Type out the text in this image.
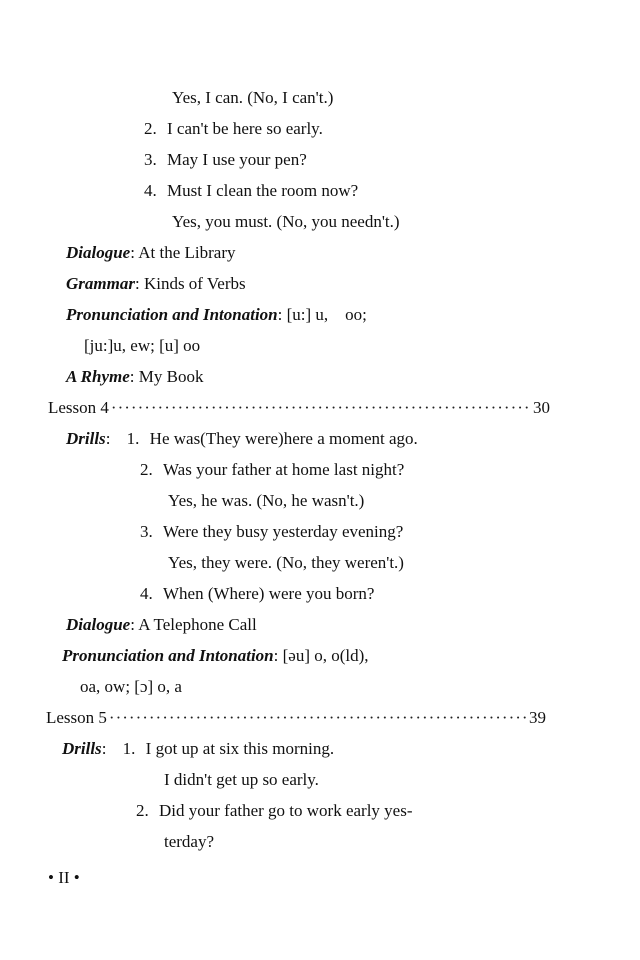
Yes, I can. (No, I can't.)
2. I can't be here so early.
3. May I use your pen?
4. Must I clean the room now?
Yes, you must. (No, you needn't.)
Dialogue: At the Library
Grammar: Kinds of Verbs
Pronunciation and Intonation: [u:] u,    oo;
[ju:]u, ew; [u] oo
A Rhyme: My Book
Lesson 4 ·····	30
Drills: 1. He was(They were)here a moment ago.
2. Was your father at home last night?
Yes, he was. (No, he wasn't.)
3. Were they busy yesterday evening?
Yes, they were. (No, they weren't.)
4. When (Where) were you born?
Dialogue: A Telephone Call
Pronunciation and Intonation: [əu] o, o(ld),
oa, ow; [ɔ] o, a
Lesson 5 ·····	39
Drills: 1. I got up at six this morning.
I didn't get up so early.
2. Did your father go to work early yes-
terday?
• II •
